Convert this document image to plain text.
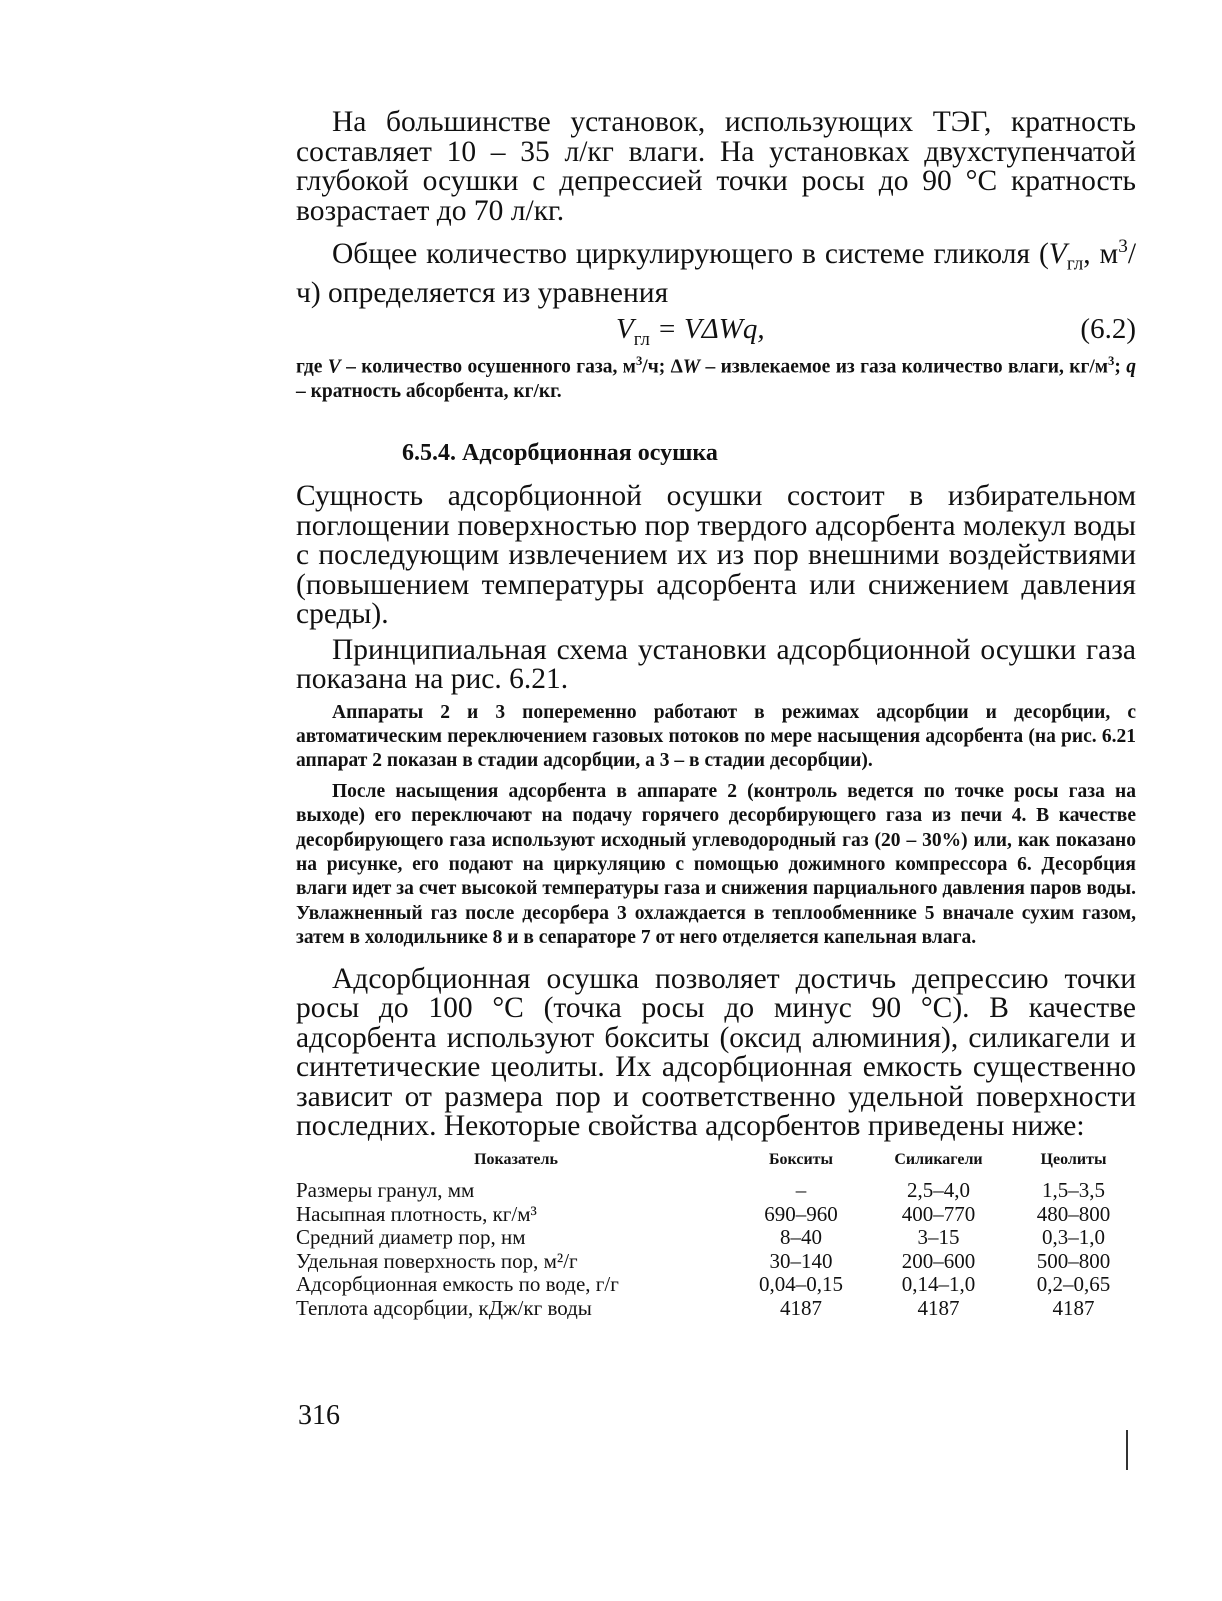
На большинстве установок, использующих ТЭГ, кратность составляет 10 – 35 л/кг влаги. На установках двухступенчатой глубокой осушки с депрессией точки росы до 90 °С кратность возрастает до 70 л/кг.

Общее количество циркулирующего в системе гликоля ($V_{гл}$, $м^3/ч$) определяется из уравнения

$V_{гл} = V\Delta Wq$,	(6.2)

где V – количество осушенного газа, $м^3/ч$; ΔW – извлекаемое из газа количество влаги, $кг/м^3$; q – кратность абсорбента, кг/кг.

6.5.4. Адсорбционная осушка

Сущность адсорбционной осушки состоит в избирательном поглощении поверхностью пор твердого адсорбента молекул воды с последующим извлечением их из пор внешними воздействиями (повышением температуры адсорбента или снижением давления среды).

Принципиальная схема установки адсорбционной осушки газа показана на рис. 6.21.

Аппараты 2 и 3 попеременно работают в режимах адсорбции и десорбции, с автоматическим переключением газовых потоков по мере насыщения адсорбента (на рис. 6.21 аппарат 2 показан в стадии адсорбции, а 3 – в стадии десорбции).

После насыщения адсорбента в аппарате 2 (контроль ведется по точке росы газа на выходе) его переключают на подачу горячего десорбирующего газа из печи 4. В качестве десорбирующего газа используют исходный углеводородный газ (20 – 30%) или, как показано на рисунке, его подают на циркуляцию с помощью дожимного компрессора 6. Десорбция влаги идет за счет высокой температуры газа и снижения парциального давления паров воды. Увлажненный газ после десорбера 3 охлаждается в теплообменнике 5 вначале сухим газом, затем в холодильнике 8 и в сепараторе 7 от него отделяется капельная влага.

Адсорбционная осушка позволяет достичь депрессию точки росы до 100 °С (точка росы до минус 90 °С). В качестве адсорбента используют бокситы (оксид алюминия), силикагели и синтетические цеолиты. Их адсорбционная емкость существенно зависит от размера пор и соответственно удельной поверхности последних. Некоторые свойства адсорбентов приведены ниже:

Показатель	Бокситы	Силикагели	Цеолиты
Размеры гранул, мм	–	2,5–4,0	1,5–3,5
Насыпная плотность, кг/м³	690–960	400–770	480–800
Средний диаметр пор, нм	8–40	3–15	0,3–1,0
Удельная поверхность пор, м²/г	30–140	200–600	500–800
Адсорбционная емкость по воде, г/г	0,04–0,15	0,14–1,0	0,2–0,65
Теплота адсорбции, кДж/кг воды	4187	4187	4187
316
